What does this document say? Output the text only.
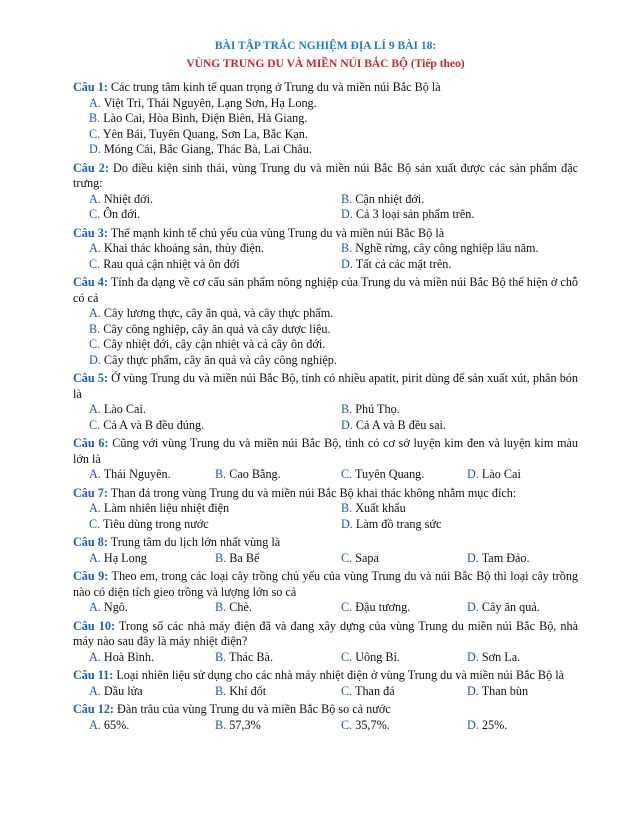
BÀI TẬP TRẮC NGHIỆM ĐỊA LÍ 9 BÀI 18:
VÙNG TRUNG DU VÀ MIỀN NÚI BẮC BỘ (Tiếp theo)
Câu 1: Các trung tâm kinh tế quan trọng ở Trung du và miền núi Bắc Bộ là
A. Việt Trì, Thái Nguyên, Lạng Sơn, Hạ Long.
B. Lào Cai, Hòa Bình, Điện Biên, Hà Giang.
C. Yên Bái, Tuyên Quang, Sơn La, Bắc Kạn.
D. Móng Cái, Bắc Giang, Thác Bà, Lai Châu.
Câu 2: Do điều kiện sinh thái, vùng Trung du và miền núi Bắc Bộ sản xuất được các sản phẩm đặc trưng:
A. Nhiệt đới.	B. Cận nhiệt đới.
C. Ôn đới.	D. Cả 3 loại sản phẩm trên.
Câu 3: Thế mạnh kinh tế chủ yếu của vùng Trung du và miền núi Bắc Bộ là
A. Khai thác khoáng sản, thủy điện.	B. Nghề rừng, cây công nghiệp lâu năm.
C. Rau quả cận nhiệt và ôn đới	D. Tất cả các mặt trên.
Câu 4: Tính đa dạng về cơ cấu sản phẩm nông nghiệp của Trung du và miền núi Bắc Bộ thể hiện ở chỗ có cả
A. Cây lương thực, cây ăn quả, và cây thực phẩm.
B. Cây công nghiệp, cây ăn quả và cây dược liệu.
C. Cây nhiệt đới, cây cận nhiệt và cả cây ôn đới.
D. Cây thực phẩm, cây ăn quả và cây công nghiệp.
Câu 5: Ở vùng Trung du và miền núi Bắc Bộ, tỉnh có nhiều apatit, pirit dùng để sản xuất xút, phân bón là
A. Lào Cai.	B. Phú Thọ.
C. Cả A và B đều đúng.	D. Cả A và B đều sai.
Câu 6: Cũng với vùng Trung du và miền núi Bắc Bộ, tỉnh có cơ sở luyện kim đen và luyện kim màu lớn là
A. Thái Nguyên.	B. Cao Bằng.	C. Tuyên Quang.	D. Lào Cai
Câu 7: Than đá trong vùng Trung du và miền núi Bắc Bộ khai thác không nhằm mục đích:
A. Làm nhiên liệu nhiệt điện	B. Xuất khẩu
C. Tiêu dùng trong nước	D. Làm đồ trang sức
Câu 8: Trung tâm du lịch lớn nhất vùng là
A. Hạ Long	B. Ba Bể	C. Sapa	D. Tam Đảo.
Câu 9: Theo em, trong các loại cây trồng chủ yếu của vùng Trung du và núi Bắc Bộ thì loại cây trồng nào có diện tích gieo trồng và lượng lớn so cả
A. Ngô.	B. Chè.	C. Đậu tương.	D. Cây ăn quả.
Câu 10: Trong số các nhà máy điện đã và đang xây dựng của vùng Trung du miền núi Bắc Bộ, nhà máy nào sau đây là máy nhiệt điện?
A. Hoà Bình.	B. Thác Bà.	C. Uông Bí.	D. Sơn La.
Câu 11: Loại nhiên liệu sử dụng cho các nhà máy nhiệt điện ở vùng Trung du và miền núi Bắc Bộ là
A. Dầu lửa	B. Khí đốt	C. Than đá	D. Than bùn
Câu 12: Đàn trâu của vùng Trung du và miền Bắc Bộ so cả nước
A. 65%.	B. 57,3%	C. 35,7%.	D. 25%.
